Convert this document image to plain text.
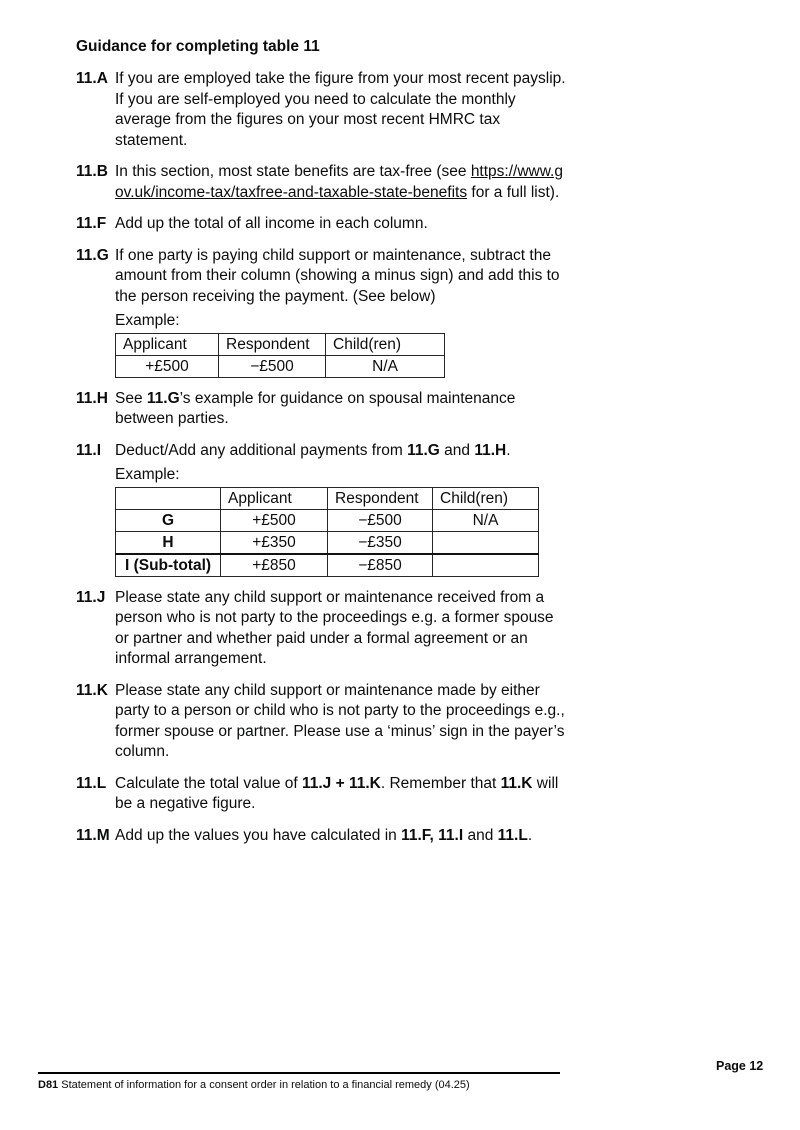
Guidance for completing table 11
11.A If you are employed take the figure from your most recent payslip. If you are self-employed you need to calculate the monthly average from the figures on your most recent HMRC tax statement.

11.B In this section, most state benefits are tax-free (see https://www.gov.uk/income-tax/taxfree-and-taxable-state-benefits for a full list).

11.F Add up the total of all income in each column.

11.G If one party is paying child support or maintenance, subtract the amount from their column (showing a minus sign) and add this to the person receiving the payment. (See below)

Example:

Applicant	Respondent	Child(ren)
+£500	−£500	N/A
11.H See 11.G’s example for guidance on spousal maintenance between parties.

11.I Deduct/Add any additional payments from 11.G and 11.H.

Example:

	Applicant	Respondent	Child(ren)
G	+£500	−£500	N/A
H	+£350	−£350	
I (Sub-total)	+£850	−£850	
11.J Please state any child support or maintenance received from a person who is not party to the proceedings e.g. a former spouse or partner and whether paid under a formal agreement or an informal arrangement.

11.K Please state any child support or maintenance made by either party to a person or child who is not party to the proceedings e.g., former spouse or partner. Please use a ‘minus’ sign in the payer’s column.

11.L Calculate the total value of 11.J + 11.K. Remember that 11.K will be a negative figure.

11.M Add up the values you have calculated in 11.F, 11.I and 11.L.

Page 12
D81 Statement of information for a consent order in relation to a financial remedy (04.25)
